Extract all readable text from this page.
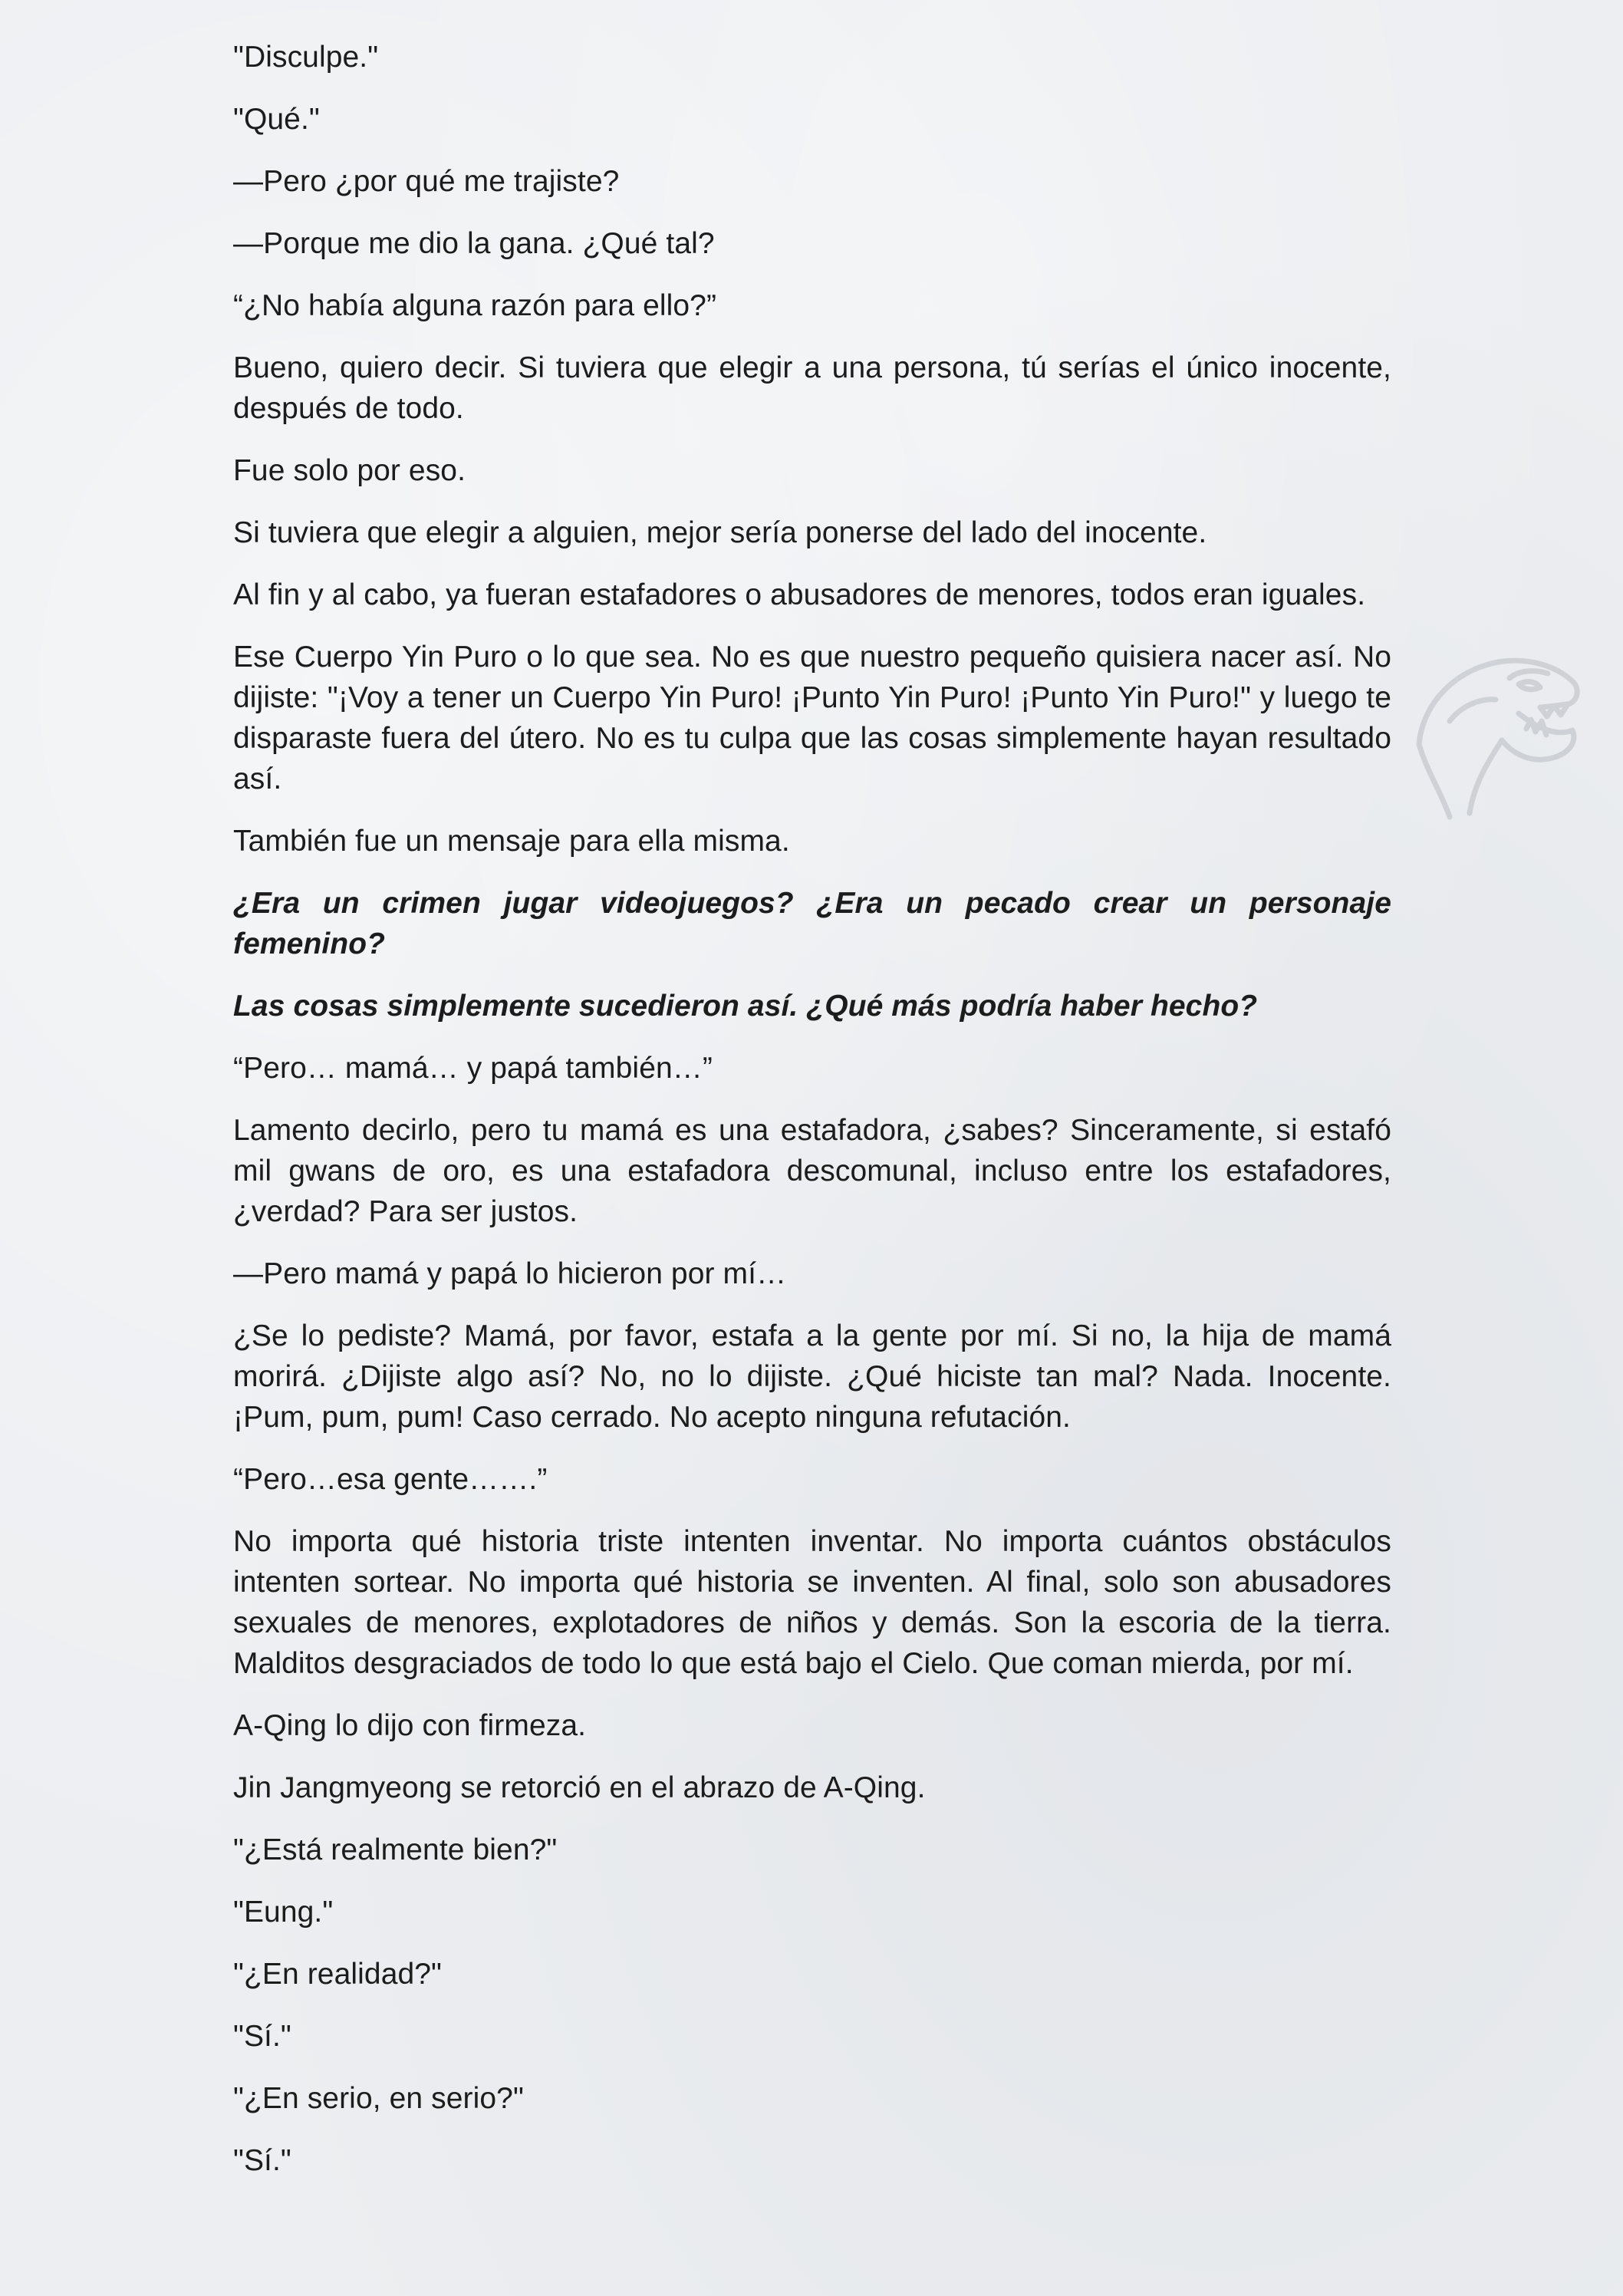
"Disculpe."

"Qué."

—Pero ¿por qué me trajiste?

—Porque me dio la gana. ¿Qué tal?

“¿No había alguna razón para ello?”

Bueno, quiero decir. Si tuviera que elegir a una persona, tú serías el único inocente, después de todo.

Fue solo por eso.

Si tuviera que elegir a alguien, mejor sería ponerse del lado del inocente.

Al fin y al cabo, ya fueran estafadores o abusadores de menores, todos eran iguales.

Ese Cuerpo Yin Puro o lo que sea. No es que nuestro pequeño quisiera nacer así. No dijiste: "¡Voy a tener un Cuerpo Yin Puro! ¡Punto Yin Puro! ¡Punto Yin Puro!" y luego te disparaste fuera del útero. No es tu culpa que las cosas simplemente hayan resultado así.

También fue un mensaje para ella misma.

¿Era un crimen jugar videojuegos? ¿Era un pecado crear un personaje femenino?

Las cosas simplemente sucedieron así. ¿Qué más podría haber hecho?

“Pero… mamá… y papá también…”

Lamento decirlo, pero tu mamá es una estafadora, ¿sabes? Sinceramente, si estafó mil gwans de oro, es una estafadora descomunal, incluso entre los estafadores, ¿verdad? Para ser justos.

—Pero mamá y papá lo hicieron por mí…

¿Se lo pediste? Mamá, por favor, estafa a la gente por mí. Si no, la hija de mamá morirá. ¿Dijiste algo así? No, no lo dijiste. ¿Qué hiciste tan mal? Nada. Inocente. ¡Pum, pum, pum! Caso cerrado. No acepto ninguna refutación.

“Pero…esa gente…….”

No importa qué historia triste intenten inventar. No importa cuántos obstáculos intenten sortear. No importa qué historia se inventen. Al final, solo son abusadores sexuales de menores, explotadores de niños y demás. Son la escoria de la tierra. Malditos desgraciados de todo lo que está bajo el Cielo. Que coman mierda, por mí.

A-Qing lo dijo con firmeza.

Jin Jangmyeong se retorció en el abrazo de A-Qing.

"¿Está realmente bien?"

"Eung."

"¿En realidad?"

"Sí."

"¿En serio, en serio?"

"Sí."
